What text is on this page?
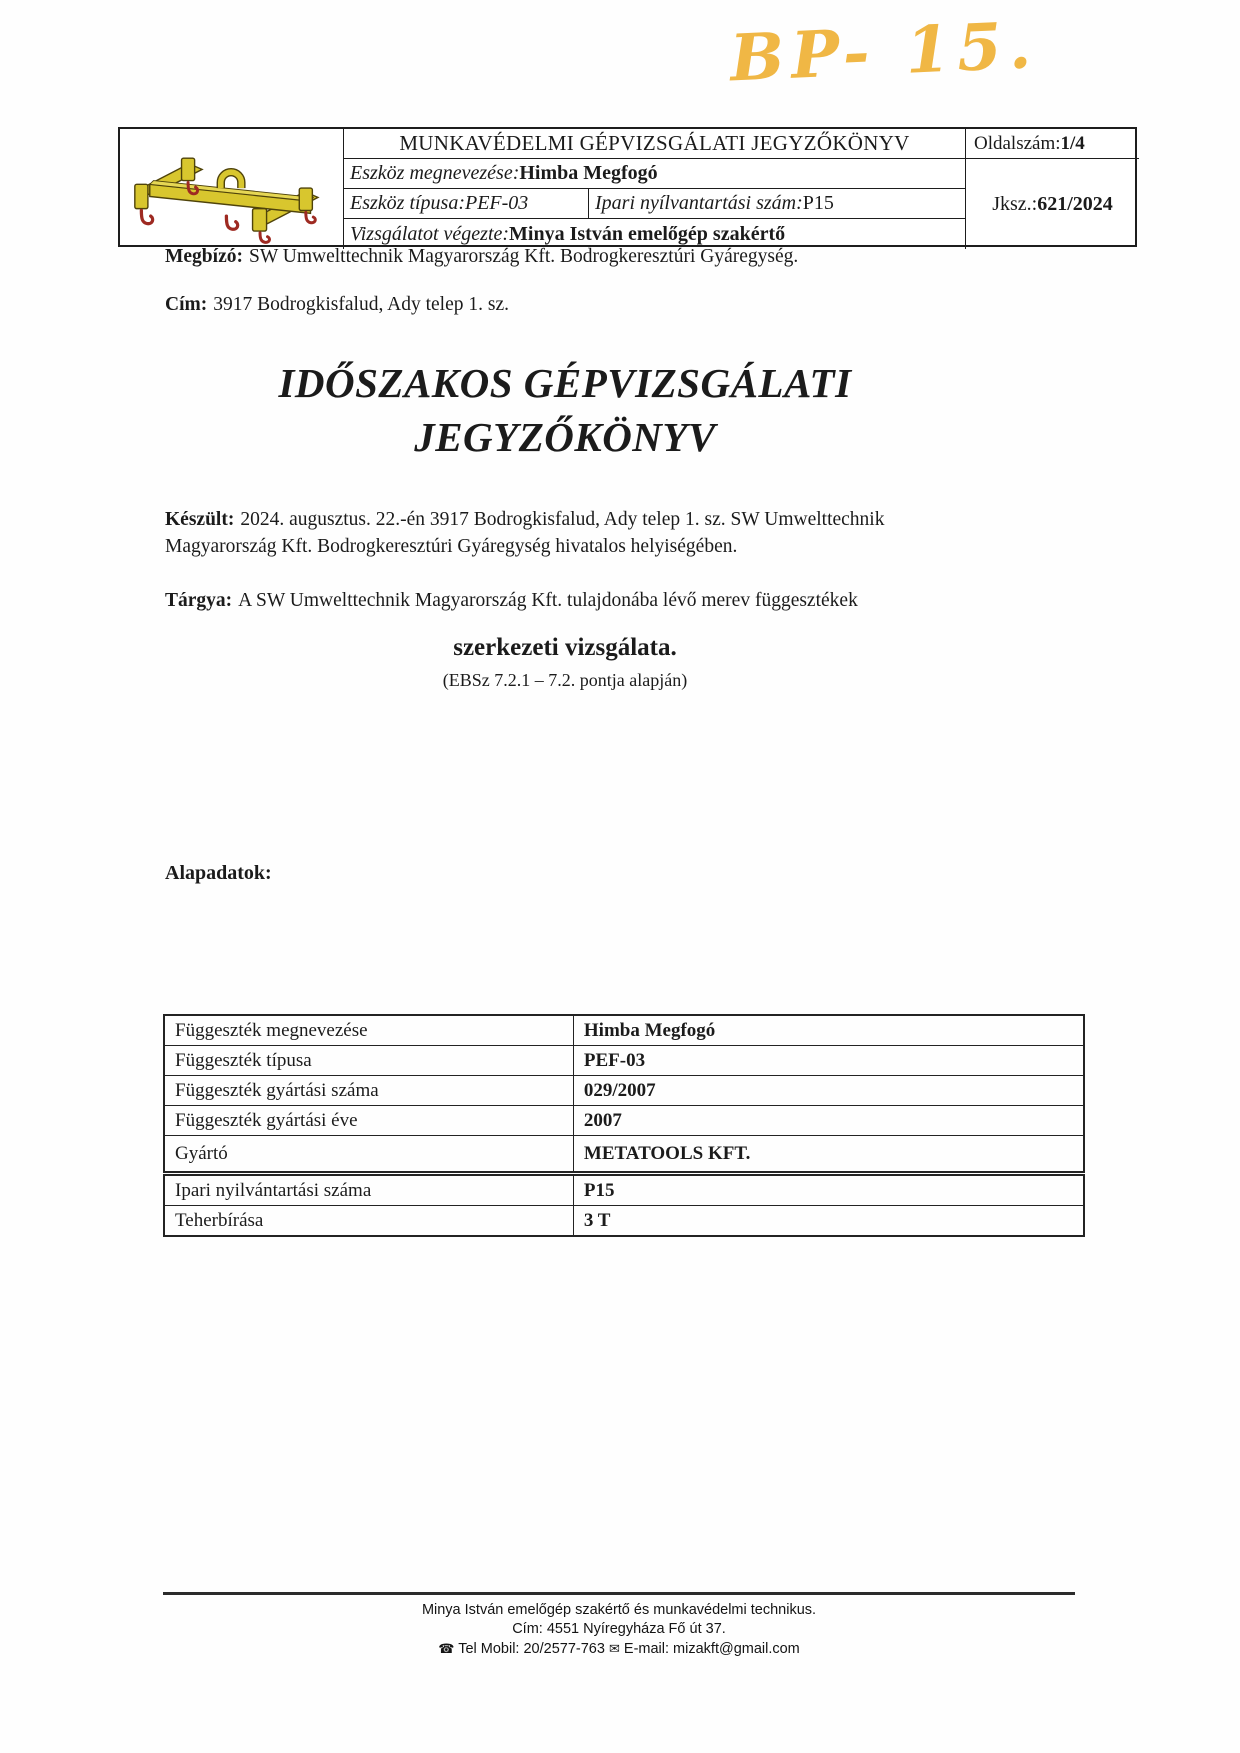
BP- 15.
MUNKAVÉDELMI GÉPVIZSGÁLATI JEGYZŐKÖNYV	Oldalszám: 1/4
Eszköz megnevezése: Himba Megfogó
Jksz.: 621/2024
Eszköz típusa: PEF-03	Ipari nyílvantartási szám: P15
Vizsgálatot végezte: Minya István emelőgép szakértő

Megbízó: SW Umwelttechnik Magyarország Kft. Bodrogkeresztúri Gyáregység.

Cím: 3917 Bodrogkisfalud, Ady telep 1. sz.

IDŐSZAKOS GÉPVIZSGÁLATI
JEGYZŐKÖNYV

Készült: 2024. augusztus. 22.-én 3917 Bodrogkisfalud, Ady telep 1. sz. SW Umwelttechnik
Magyarország Kft. Bodrogkeresztúri Gyáregység hivatalos helyiségében.

Tárgya: A SW Umwelttechnik Magyarország Kft. tulajdonába lévő merev függesztékek

szerkezeti vizsgálata.
(EBSz 7.2.1 – 7.2. pontja alapján)

Alapadatok:

Függeszték megnevezése	Himba Megfogó
Függeszték típusa	PEF-03
Függeszték gyártási száma	029/2007
Függeszték gyártási éve	2007
Gyártó	METATOOLS KFT.
Ipari nyilvántartási száma	P15
Teherbírása	3 T
Minya István emelőgép szakértő és munkavédelmi technikus.
Cím: 4551 Nyíregyháza Fő út 37.
☎ Tel Mobil: 20/2577-763 ✉ E-mail: mizakft@gmail.com
